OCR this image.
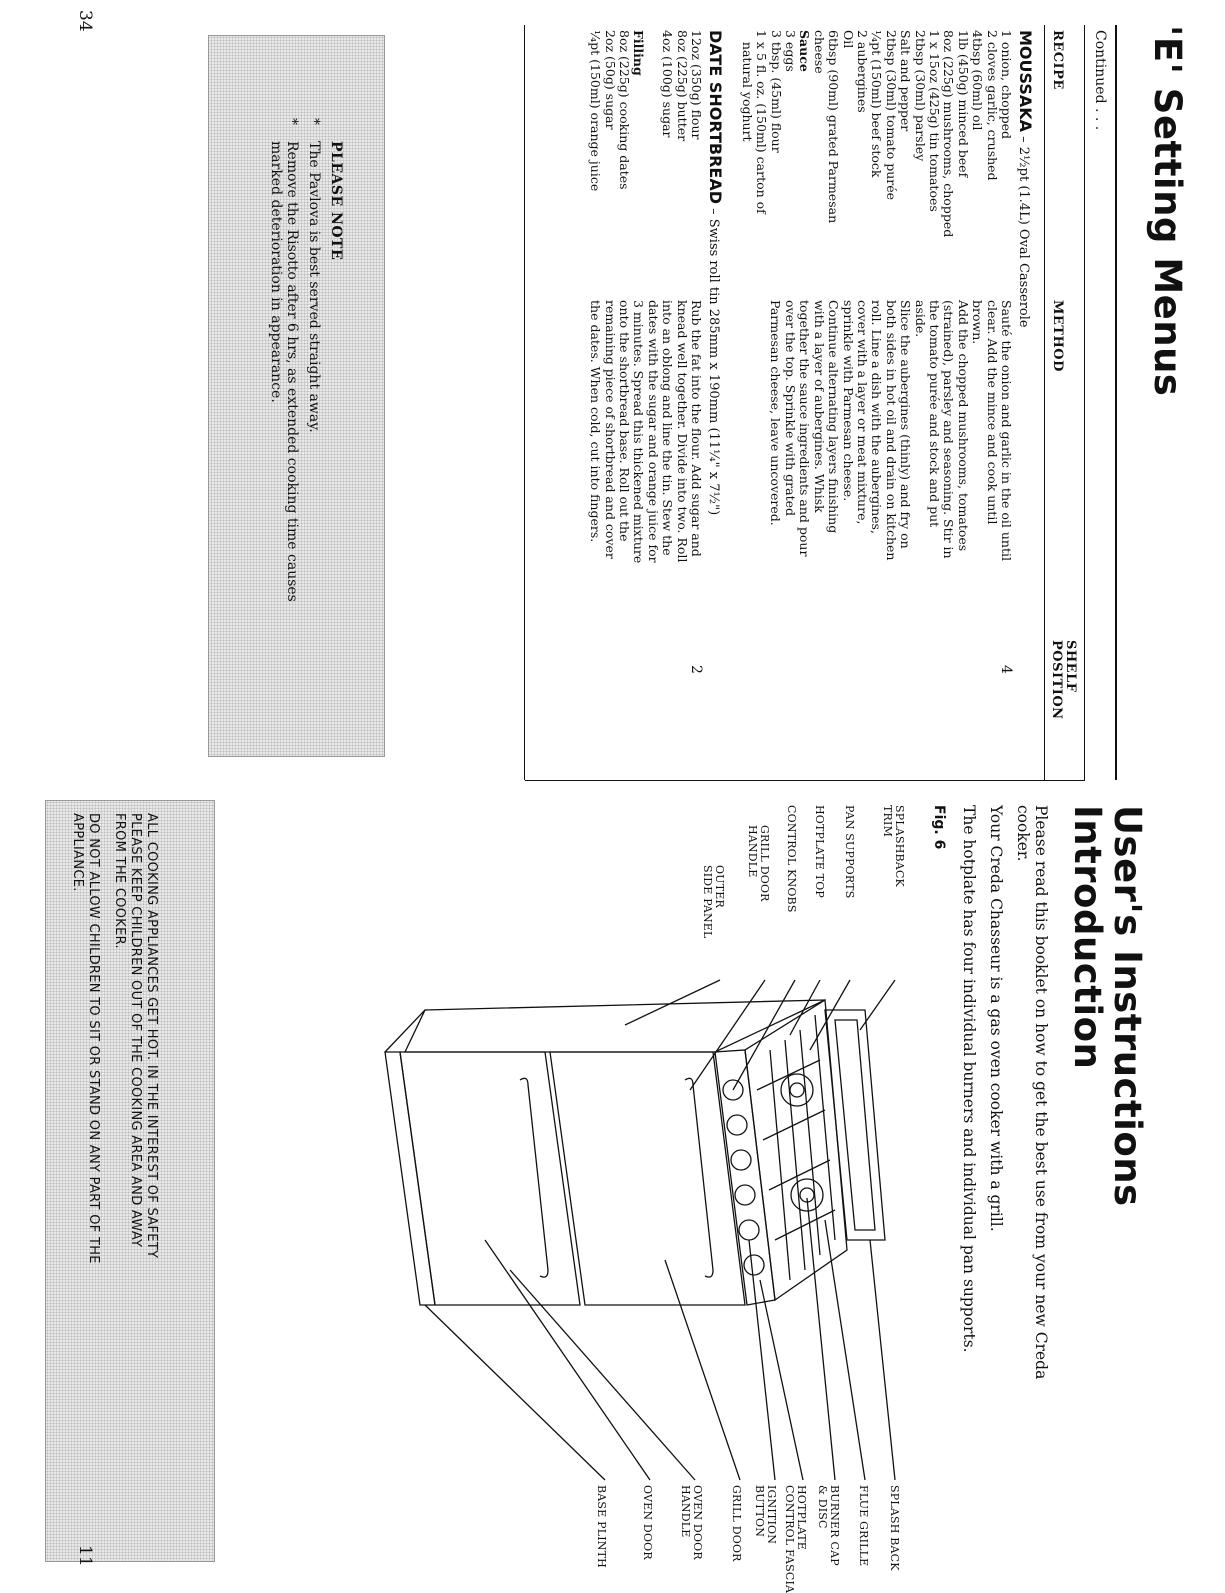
34
'E' Setting Menus
Continued . . .
RECIPE
METHOD
SHELF
POSITION
MOUSSAKA – 2½pt (1.4L) Oval Casserole
1 onion, chopped
2 cloves garlic, crushed
4tbsp (60ml) oil
1lb (450g) minced beef
8oz (225g) mushrooms, chopped
1 x 15oz (425g) tin tomatoes
2tbsp (30ml) parsley
Salt and pepper
2tbsp (30ml) tomato purée
¼pt (150ml) beef stock
2 aubergines
Oil
6tbsp (90ml) grated Parmesan
cheese
Sauce
3 eggs
3 tbsp. (45ml) flour
1 x 5 fl. oz. (150ml) carton of
natural yoghurt
Sauté the onion and garlic in the oil until
clear. Add the mince and cook until
brown.
Add the chopped mushrooms, tomatoes
(strained), parsley and seasoning. Stir in
the tomato purée and stock and put
aside.
Slice the aubergines (thinly) and fry on
both sides in hot oil and drain on kitchen
roll. Line a dish with the aubergines,
cover with a layer or meat mixture,
sprinkle with Parmesan cheese.
Continue alternating layers finishing
with a layer of aubergines. Whisk
together the sauce ingredients and pour
over the top. Sprinkle with grated
Parmesan cheese, leave uncovered.
4
DATE SHORTBREAD – Swiss roll tin 285mm x 190mm (11¼" x 7½")
12oz (350g) flour
8oz (225g) butter
4oz (100g) sugar
Filling
8oz (225g) cooking dates
2oz (50g) sugar
¼pt (150ml) orange juice
Rub the fat into the flour. Add sugar and
knead well together. Divide into two. Roll
into an oblong and line the tin. Stew the
dates with the sugar and orange juice for
3 minutes. Spread this thickened mixture
onto the shortbread base. Roll out the
remaining piece of shortbread and cover
the dates. When cold, cut into fingers.
2
PLEASE NOTE
*
The Pavlova is best served straight away.
*
Remove the Risotto after 6 hrs, as extended cooking time causes
marked deterioration in appearance.
User's Instructions
Introduction
Please read this booklet on how to get the best use from your new Creda
cooker.
Your Creda Chasseur is a gas oven cooker with a grill.
The hotplate has four individual burners and individual pan supports.
Fig. 6
SPLASHBACK
TRIM
PAN SUPPORTS
HOTPLATE TOP
CONTROL KNOBS
GRILL DOOR
HANDLE
OUTER
SIDE PANEL
SPLASH BACK
FLUE GRILLE
BURNER CAP
& DISC
HOTPLATE
CONTROL FASCIA
IGNITION BUTTON
GRILL DOOR
OVEN DOOR
HANDLE
OVEN DOOR
BASE PLINTH
ALL COOKING APPLIANCES GET HOT. IN THE INTEREST OF SAFETY
PLEASE KEEP CHILDREN OUT OF THE COOKING AREA AND AWAY
FROM THE COOKER.
DO NOT ALLOW CHILDREN TO SIT OR STAND ON ANY PART OF THE
APPLIANCE.
11
